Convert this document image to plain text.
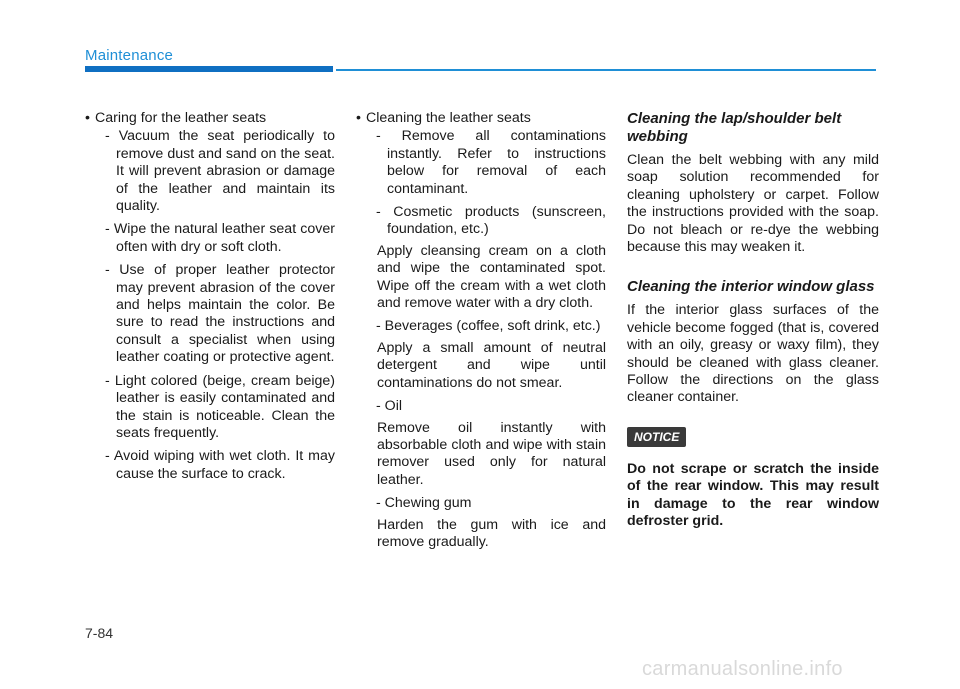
Maintenance
• Caring for the leather seats
- Vacuum the seat periodically to remove dust and sand on the seat. It will prevent abrasion or damage of the leather and maintain its quality.
- Wipe the natural leather seat cover often with dry or soft cloth.
- Use of proper leather protector may prevent abrasion of the cover and helps maintain the color. Be sure to read the instructions and consult a specialist when using leather coating or protective agent.
- Light colored (beige, cream beige) leather is easily contaminated and the stain is noticeable. Clean the seats frequently.
- Avoid wiping with wet cloth. It may cause the surface to crack.
• Cleaning the leather seats
- Remove all contaminations instantly. Refer to instructions below for removal of each contaminant.
- Cosmetic products (sunscreen, foundation, etc.)
Apply cleansing cream on a cloth and wipe the contaminated spot. Wipe off the cream with a wet cloth and remove water with a dry cloth.
- Beverages (coffee, soft drink, etc.)
Apply a small amount of neutral detergent and wipe until contaminations do not smear.
- Oil
Remove oil instantly with absorbable cloth and wipe with stain remover used only for natural leather.
- Chewing gum
Harden the gum with ice and remove gradually.
Cleaning the lap/shoulder belt webbing
Clean the belt webbing with any mild soap solution recommended for cleaning upholstery or carpet. Follow the instructions provided with the soap. Do not bleach or re-dye the webbing because this may weaken it.
Cleaning the interior window glass
If the interior glass surfaces of the vehicle become fogged (that is, covered with an oily, greasy or waxy film), they should be cleaned with glass cleaner. Follow the directions on the glass cleaner container.
NOTICE
Do not scrape or scratch the inside of the rear window. This may result in damage to the rear window defroster grid.
7-84
carmanualsonline.info
